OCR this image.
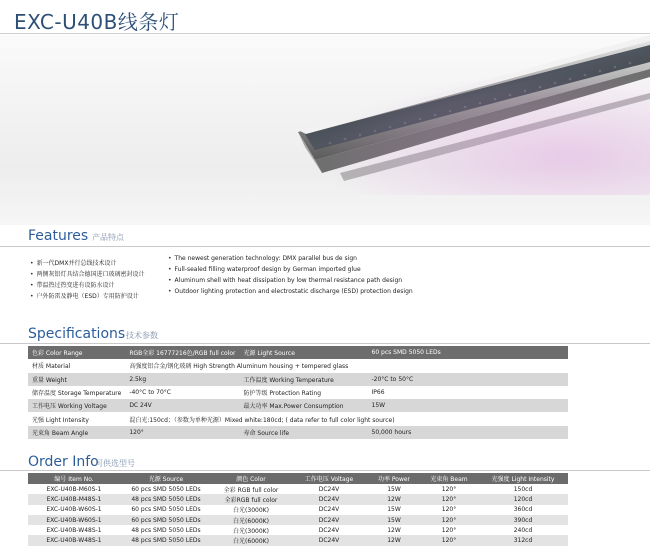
EXC-U40B线条灯
Features 产品特点
• 新一代DMX并行总线技术设计
• 两侧灰铝灯具结合德国进口玻璃密封设计
• 带温热过热变进有设防水设计
• 户外防雷及静电（ESD）专用防护设计
• The newest generation technology: DMX parallel bus de sign
• Full-sealed filling waterproof design by German imported glue
• Aluminum shell with heat dissipation by low thermal resistance path design
• Outdoor lighting protection and electrostatic discharge (ESD) protection design
Specifications 技术参数
色彩 Color Range	RGB全彩 16777216色/RGB full color	光源 Light Source	60 pcs SMD 5050 LEDs
材质 Material	高强度铝合金/钢化玻璃 High Strength Aluminum housing + tempered glass		
重量 Weight	2.5kg	工作温度 Working Temperature	-20°C to 50°C
储存温度 Storage Temperature	-40°C to 70°C	防护等级 Protection Rating	IP66
工作电压 Working Voltage	DC 24V	最大功率 Max.Power Consumption	15W
光强 Light Intensity	混白光:150cd；（参数为单种光源）Mixed white:180cd; ( data refer to full color light source)		
光束角 Beam Angle	120°	寿命 Source life	50,000 hours
Order Info
可供选型号
编号 Item No.	光源 Source	颜色 Color	工作电压 Voltage	功率 Power	光束角 Beam	光强度 Light Intensity
EXC-U40B-M60S-1	60 pcs SMD 5050 LEDs	全彩 RGB full color	DC24V	15W	120°	150cd
EXC-U40B-M48S-1	48 pcs SMD 5050 LEDs	全彩RGB full color	DC24V	12W	120°	120cd
EXC-U40B-W60S-1	60 pcs SMD 5050 LEDs	白光(3000K)	DC24V	15W	120°	360cd
EXC-U40B-W60S-1	60 pcs SMD 5050 LEDs	白光(6000K)	DC24V	15W	120°	390cd
EXC-U40B-W48S-1	48 pcs SMD 5050 LEDs	白光(3000K)	DC24V	12W	120°	240cd
EXC-U40B-W48S-1	48 pcs SMD 5050 LEDs	白光(6000K)	DC24V	12W	120°	312cd
